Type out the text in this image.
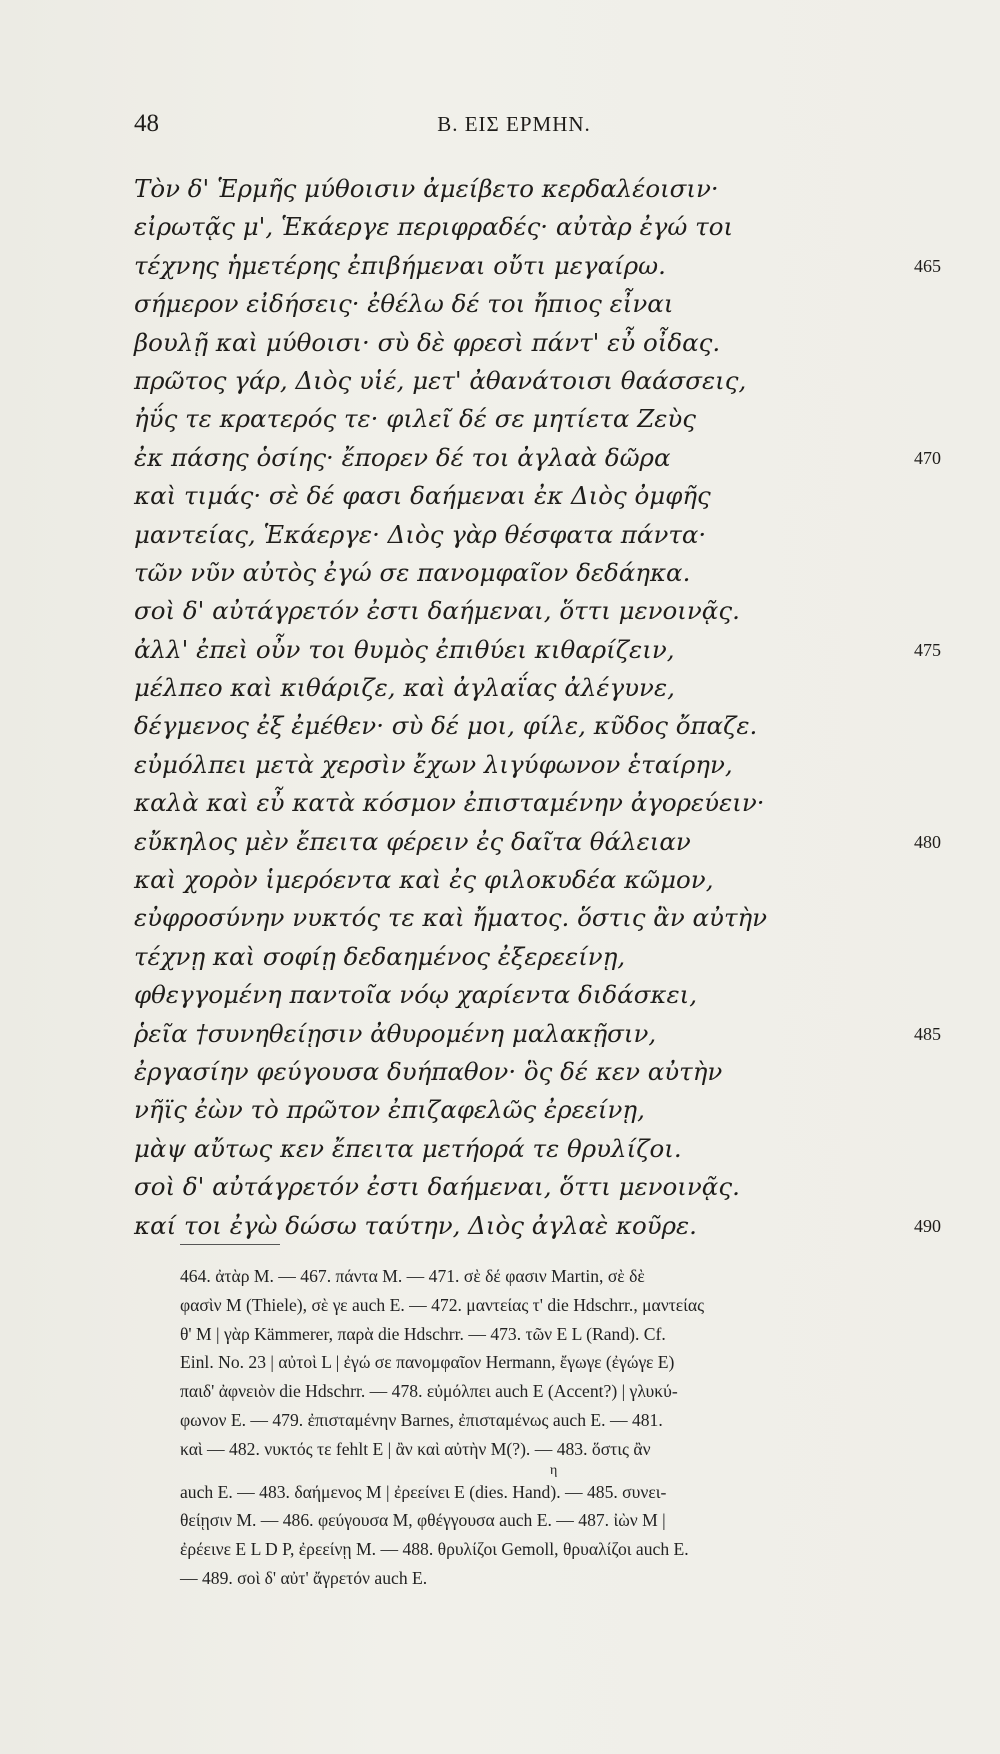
48	B. ΕΙΣ ΕΡΜΗΝ.
Τὸν δ' Ἑρμῆς μύθοισιν ἀμείβετο κερδαλέοισιν·
εἰρωτᾷς μ', Ἑκάεργε περιφραδές· αὐτὰρ ἐγώ τοι
τέχνης ἡμετέρης ἐπιβήμεναι οὔτι μεγαίρω.	465
σήμερον εἰδήσεις· ἐθέλω δέ τοι ἤπιος εἶναι
βουλῇ καὶ μύθοισι· σὺ δὲ φρεσὶ πάντ' εὖ οἶδας.
πρῶτος γάρ, Διὸς υἱέ, μετ' ἀθανάτοισι θαάσσεις,
ἠΰς τε κρατερός τε· φιλεῖ δέ σε μητίετα Ζεὺς
ἐκ πάσης ὁσίης· ἔπορεν δέ τοι ἀγλαὰ δῶρα	470
καὶ τιμάς· σὲ δέ φασι δαήμεναι ἐκ Διὸς ὀμφῆς
μαντείας, Ἑκάεργε· Διὸς γὰρ θέσφατα πάντα·
τῶν νῦν αὐτὸς ἐγώ σε πανομφαῖον δεδάηκα.
σοὶ δ' αὐτάγρετόν ἐστι δαήμεναι, ὅττι μενοινᾷς.
ἀλλ' ἐπεὶ οὖν τοι θυμὸς ἐπιθύει κιθαρίζειν,	475
μέλπεο καὶ κιθάριζε, καὶ ἀγλαΐας ἀλέγυνε,
δέγμενος ἐξ ἐμέθεν· σὺ δέ μοι, φίλε, κῦδος ὄπαζε.
εὐμόλπει μετὰ χερσὶν ἔχων λιγύφωνον ἑταίρην,
καλὰ καὶ εὖ κατὰ κόσμον ἐπισταμένην ἀγορεύειν·
εὔκηλος μὲν ἔπειτα φέρειν ἐς δαῖτα θάλειαν	480
καὶ χορὸν ἱμερόεντα καὶ ἐς φιλοκυδέα κῶμον,
εὐφροσύνην νυκτός τε καὶ ἤματος. ὅστις ἂν αὐτὴν
τέχνῃ καὶ σοφίῃ δεδαημένος ἐξερεείνῃ,
φθεγγομένη παντοῖα νόῳ χαρίεντα διδάσκει,
ῥεῖα †συνηθείῃσιν ἀθυρομένη μαλακῇσιν,	485
ἐργασίην φεύγουσα δυήπαθον· ὃς δέ κεν αὐτὴν
νῆϊς ἐὼν τὸ πρῶτον ἐπιζαφελῶς ἐρεείνῃ,
μὰψ αὔτως κεν ἔπειτα μετήορά τε θρυλίζοι.
σοὶ δ' αὐτάγρετόν ἐστι δαήμεναι, ὅττι μενοινᾷς.
καί τοι ἐγὼ δώσω ταύτην, Διὸς ἀγλαὲ κοῦρε.	490

464. ἀτὰρ M. — 467. πάντα M. — 471. σὲ δέ φασιν Martin, σὲ δὲ

φασὶν M (Thiele), σὲ γε auch E. — 472. μαντείας τ' die Hdschrr., μαντείας

θ' M | γὰρ Kämmerer, παρὰ die Hdschrr. — 473. τῶν E L (Rand). Cf.

Einl. No. 23 | αὐτοὶ L | ἐγώ σε πανομφαῖον Hermann, ἔγωγε (ἐγώγε E)

παιδ' ἀφνειὸν die Hdschrr. — 478. εὐμόλπει auch E (Accent?) | γλυκύ-

φωνον E. — 479. ἐπισταμένην Barnes, ἐπισταμένως auch E. — 481.

καὶ — 482. νυκτός τε fehlt E | ἂν καὶ αὐτὴν M(?). — 483. ὅστις ἂν

η

auch E. — 483. δαήμενος M | ἐρεείνει E (dies. Hand). — 485. συνει-

θείῃσιν M. — 486. φεύγουσα M, φθέγγουσα auch E. — 487. ἰὼν M |

ἐρέεινε E L D P, ἐρεείνῃ M. — 488. θρυλίζοι Gemoll, θρυαλίζοι auch E.

— 489. σοὶ δ' αὐτ' ἄγρετόν auch E.
